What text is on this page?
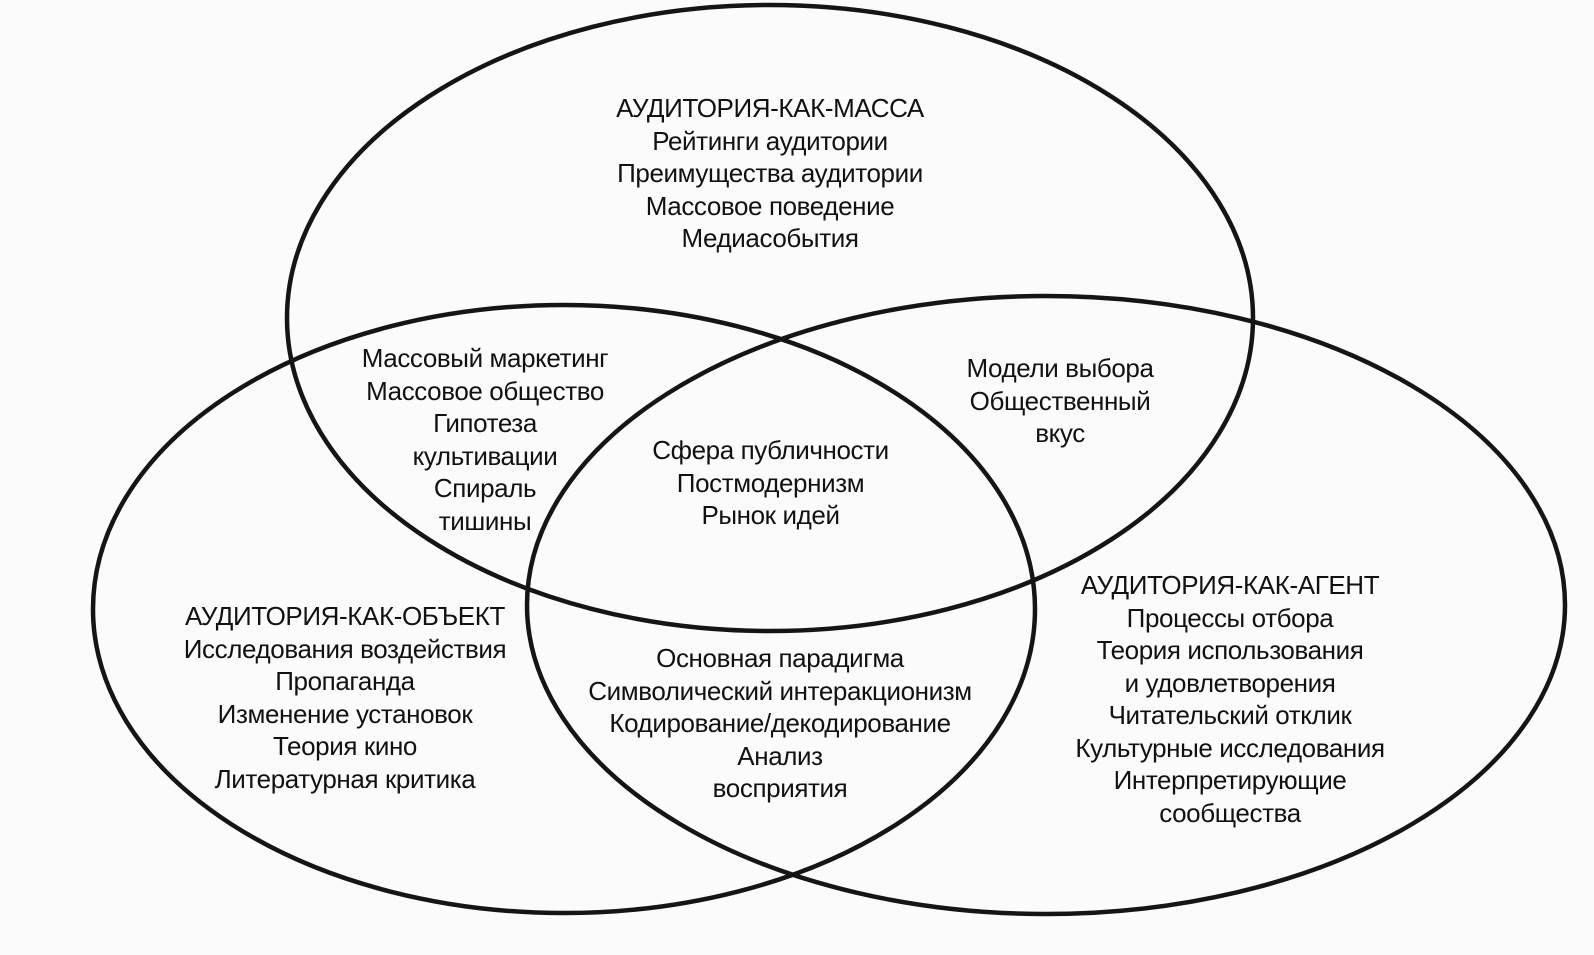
АУДИТОРИЯ-КАК-МАССА
Рейтинги аудитории
Преимущества аудитории
Массовое поведение
Медиасобытия
Массовый маркетинг
Массовое общество
Гипотеза
культивации
Спираль
тишины
Модели выбора
Общественный
вкус
Сфера публичности
Постмодернизм
Рынок идей
АУДИТОРИЯ-КАК-ОБЪЕКТ
Исследования воздействия
Пропаганда
Изменение установок
Теория кино
Литературная критика
Основная парадигма
Символический интеракционизм
Кодирование/декодирование
Анализ
восприятия
АУДИТОРИЯ-КАК-АГЕНТ
Процессы отбора
Теория использования
и удовлетворения
Читательский отклик
Культурные исследования
Интерпретирующие
сообщества
